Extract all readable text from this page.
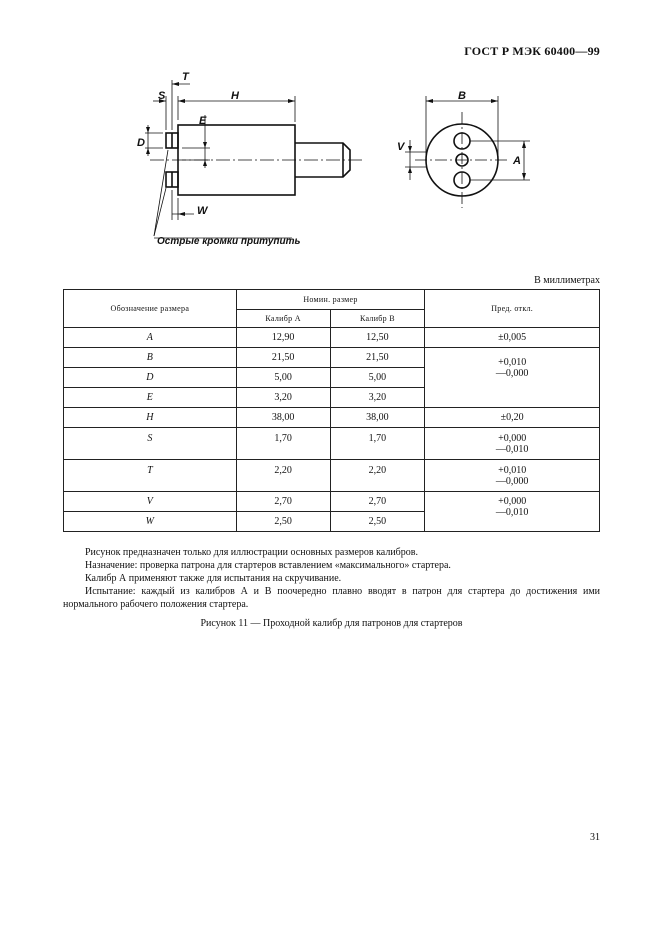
ГОСТ Р МЭК 60400—99
S
T
H
D
E
W
B
V
A
Острые кромки притупить
В миллиметрах
Обозначение размера	Номин. размер		Пред. откл.
	Калибр А	Калибр В	
A	12,90	12,50	±0,005
B	21,50	21,50	+0,010
—0,000

D	5,00	5,00	
E	3,20	3,20	
H	38,00	38,00	±0,20
S	1,70	1,70	+0,000
—0,010

T	2,20	2,20	+0,010
—0,000

V	2,70	2,70	+0,000
—0,010

W	2,50	2,50	

Рисунок предназначен только для иллюстрации основных размеров калибров.

Назначение: проверка патрона для стартеров вставлением «максимального» стартера.

Калибр А применяют также для испытания на скручивание.

Испытание: каждый из калибров А и В поочередно плавно вводят в патрон для стартера до достижения ими нормального рабочего положения стартера.

Рисунок 11 — Проходной калибр для патронов для стартеров
31
